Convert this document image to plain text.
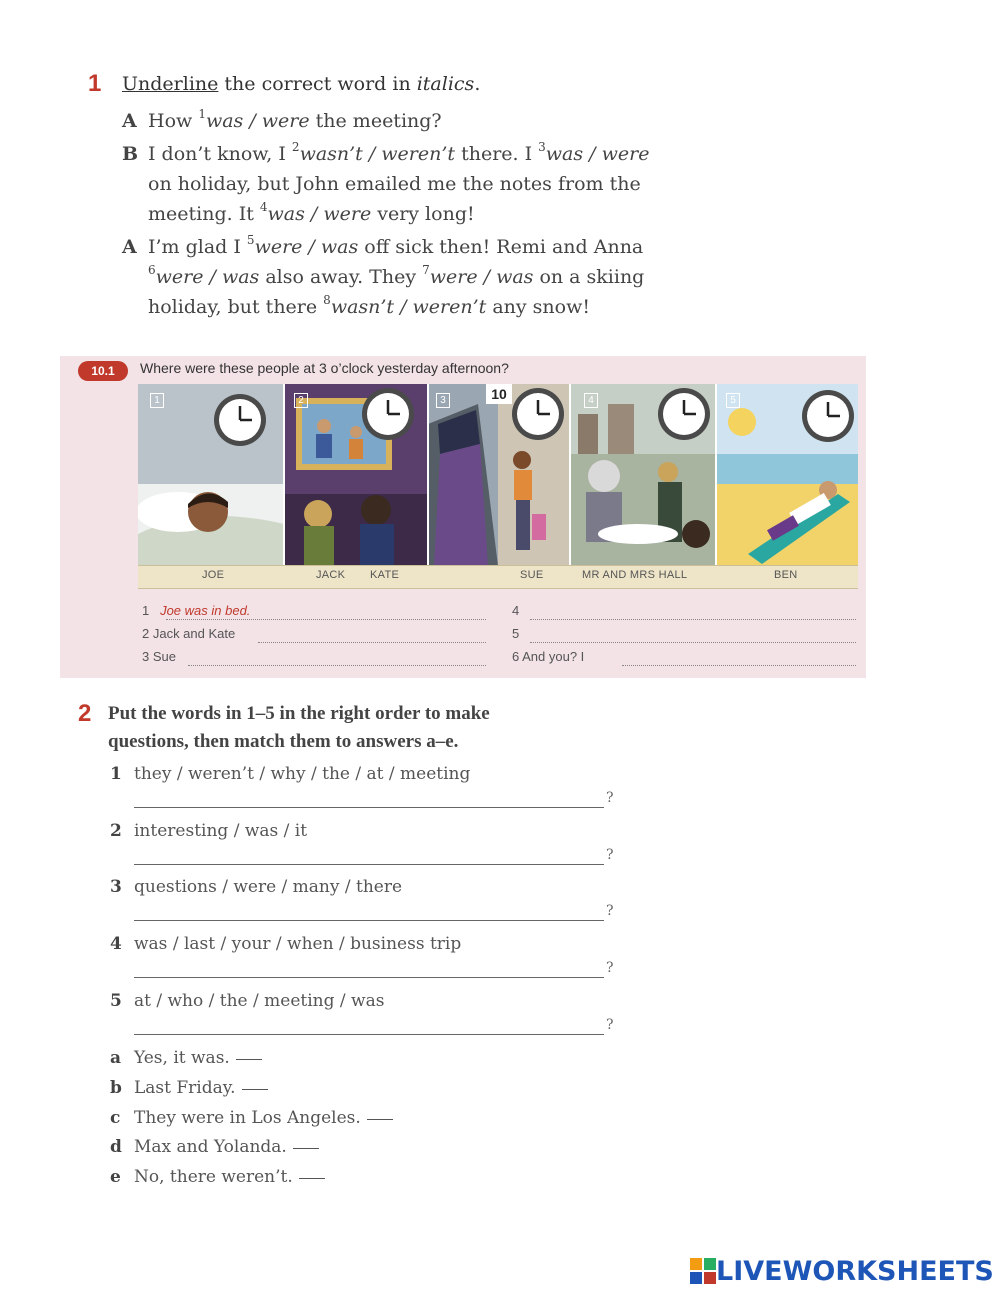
1 Underline the correct word in italics.
A How $^1$was / were the meeting?
B I don’t know, I $^2$wasn’t / weren’t there. I $^3$was / were
on holiday, but John emailed me the notes from the
meeting. It $^4$was / were very long!
A I’m glad I $^5$were / was off sick then! Remi and Anna
$^6$were / was also away. They $^7$were / was on a skiing
holiday, but there $^8$wasn’t / weren’t any snow!
10.1	Where were these people at 3 o’clock yesterday afternoon?
1	2	3	4	5
10
JOE	JACK KATE	SUE	MR AND MRS HALL	BEN
1 Joe was in bed.
2 Jack and Kate
3 Sue
4
5
6 And you? I
2 Put the words in 1–5 in the right order to make
questions, then match them to answers a–e.
1 they / weren’t / why / the / at / meeting
?
2 interesting / was / it
?
3 questions / were / many / there
?
4 was / last / your / when / business trip
?
5 at / who / the / meeting / was
?
a Yes, it was.
b Last Friday.
c They were in Los Angeles.
d Max and Yolanda.
e No, there weren’t.
LIVEWORKSHEETS
